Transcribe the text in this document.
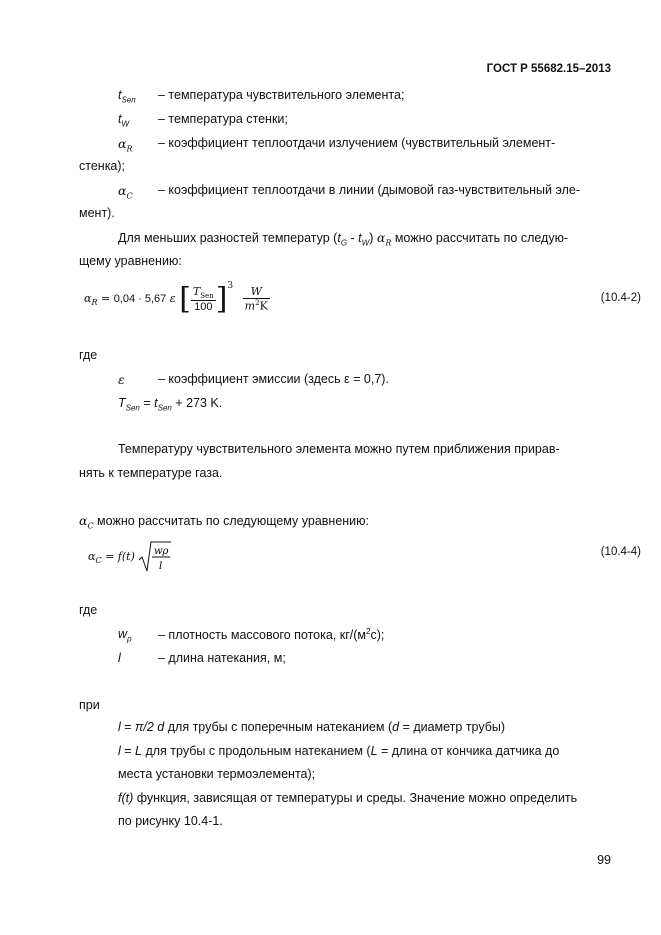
ГОСТ Р 55682.15–2013
$t_{Sen}$ – температура чувствительного элемента;
$t_W$ – температура стенки;
$\alpha_R$ – коэффициент теплоотдачи излучением (чувствительный элемент-
стенка);
$\alpha_C$ – коэффициент теплоотдачи в линии (дымовой газ-чувствительный эле-
мент).
Для меньших разностей температур $(t_G - t_W)$ $\alpha_R$ можно рассчитать по следую-
щему уравнению:
$\alpha_R = 0,04 \cdot 5,67$ ε [ $\frac{T_{Sen}}{100} ]^3 \frac{W}{m^2K}$	(10.4-2)
где
ε	– коэффициент эмиссии (здесь ε = 0,7).
$T_{Sen} = t_{Sen} + 273$ K.
Температуру чувствительного элемента можно путем приближения прирав-
нять к температуре газа.
$\alpha_C$ можно рассчитать по следующему уравнению:
$\alpha_C = f(t)$ wρ
l
(10.4-4)
где
$w_\rho$ – плотность массового потока, $кг/(м^2с)$;
l	– длина натекания, м;
при
l = π/2 d для трубы с поперечным натеканием (d = диаметр трубы)
l = L для трубы с продольным натеканием (L = длина от кончика датчика до
места установки термоэлемента);
f(t) функция, зависящая от температуры и среды. Значение можно определить
по рисунку 10.4-1.
99
